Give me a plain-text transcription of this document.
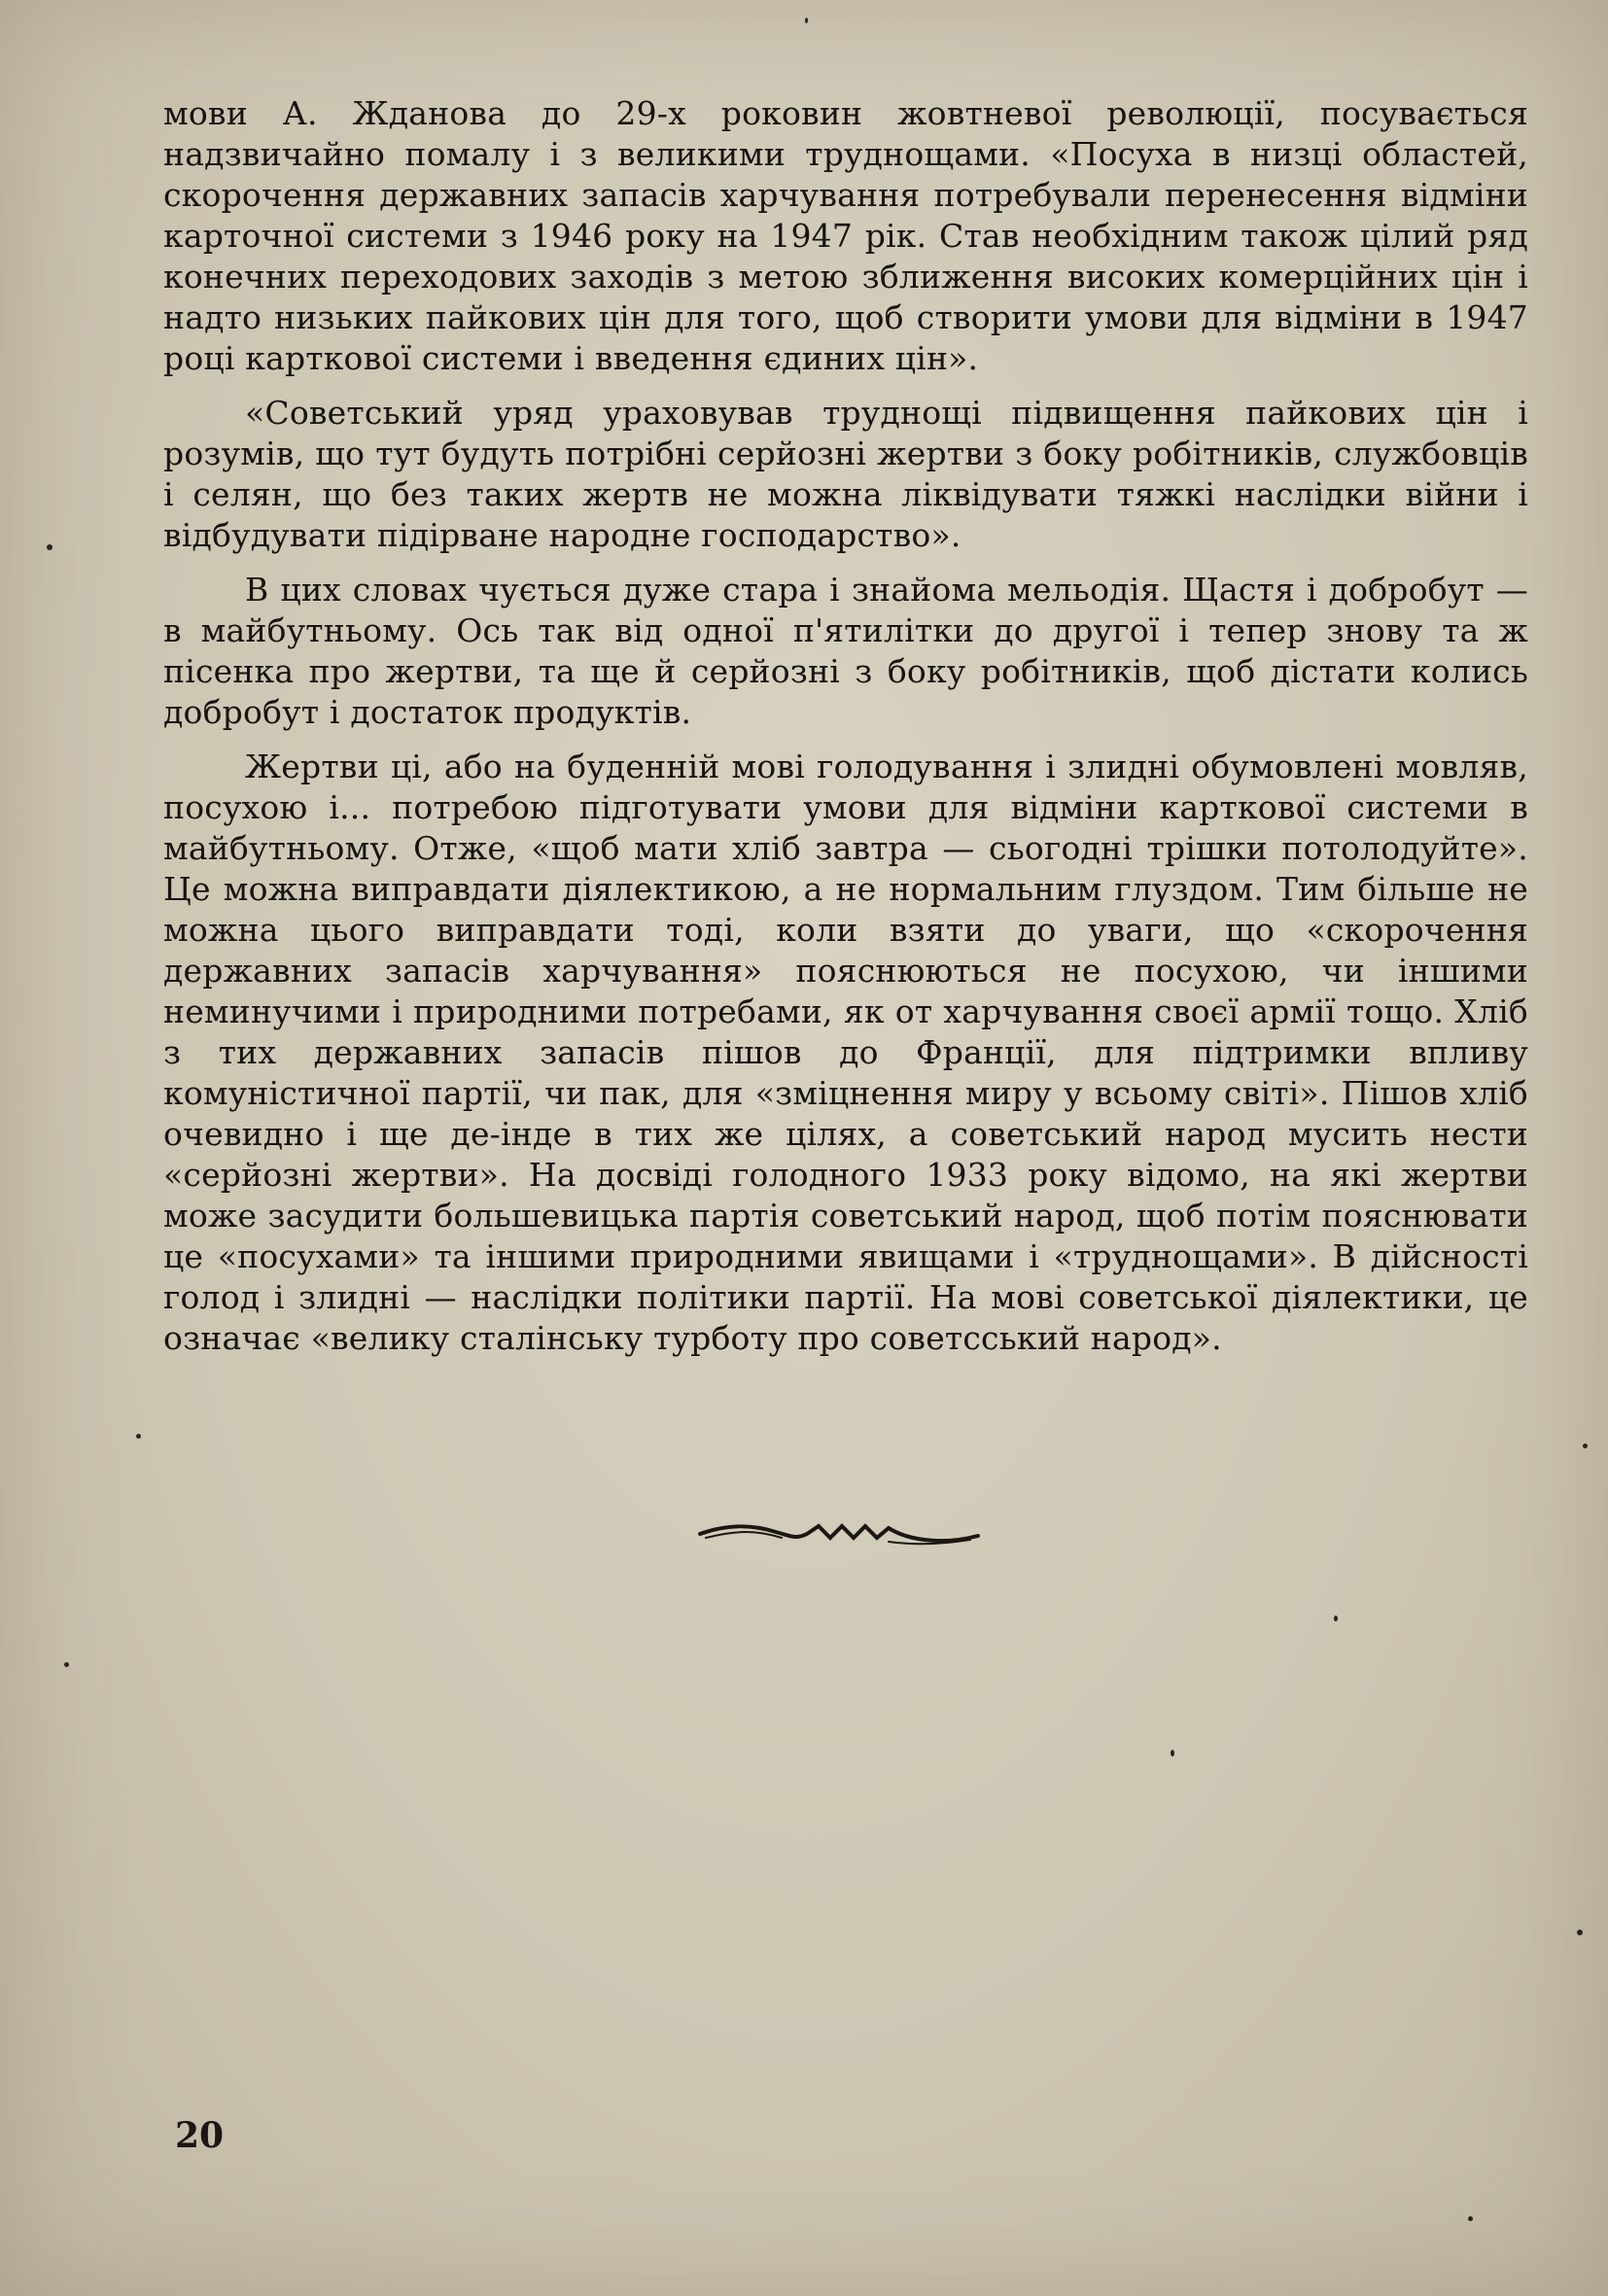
мови А. Жданова до 29-х роковин жовтневої революції, посувається надзвичайно помалу і з великими труднощами. «Посуха в низці областей, скорочення державних запасів харчування потребували перенесення відміни карточної системи з 1946 року на 1947 рік. Став необхідним також цілий ряд конечних переходових заходів з метою зближення високих комерційних цін і надто низьких пайкових цін для того, щоб створити умови для відміни в 1947 році карткової системи і введення єдиних цін».

«Советський уряд ураховував труднощі підвищення пайкових цін і розумів, що тут будуть потрібні серйозні жертви з боку робітників, службовців і селян, що без таких жертв не можна ліквідувати тяжкі наслідки війни і відбудувати підірване народне господарство».

В цих словах чується дуже стара і знайома мельодія. Щастя і добробут — в майбутньому. Ось так від одної п'ятилітки до другої і тепер знову та ж пісенка про жертви, та ще й серйозні з боку робітників, щоб дістати колись добробут і достаток продуктів.

Жертви ці, або на буденній мові голодування і злидні обумовлені мовляв, посухою і... потребою підготувати умови для відміни карткової системи в майбутньому. Отже, «щоб мати хліб завтра — сьогодні трішки потолодуйте». Це можна виправдати діялектикою, а не нормальним глуздом. Тим більше не можна цього виправдати тоді, коли взяти до уваги, що «скорочення державних запасів харчування» пояснюються не посухою, чи іншими неминучими і природними потребами, як от харчування своєї армії тощо. Хліб з тих державних запасів пішов до Франції, для підтримки впливу комуністичної партії, чи пак, для «зміцнення миру у всьому світі». Пішов хліб очевидно і ще де-інде в тих же цілях, а советський народ мусить нести «серйозні жертви». На досвіді голодного 1933 року відомо, на які жертви може засудити большевицька партія советський народ, щоб потім пояснювати це «посухами» та іншими природними явищами і «труднощами». В дійсності голод і злидні — наслідки політики партії. На мові советської діялектики, це означає «велику сталінську турботу про советсський народ».

20
